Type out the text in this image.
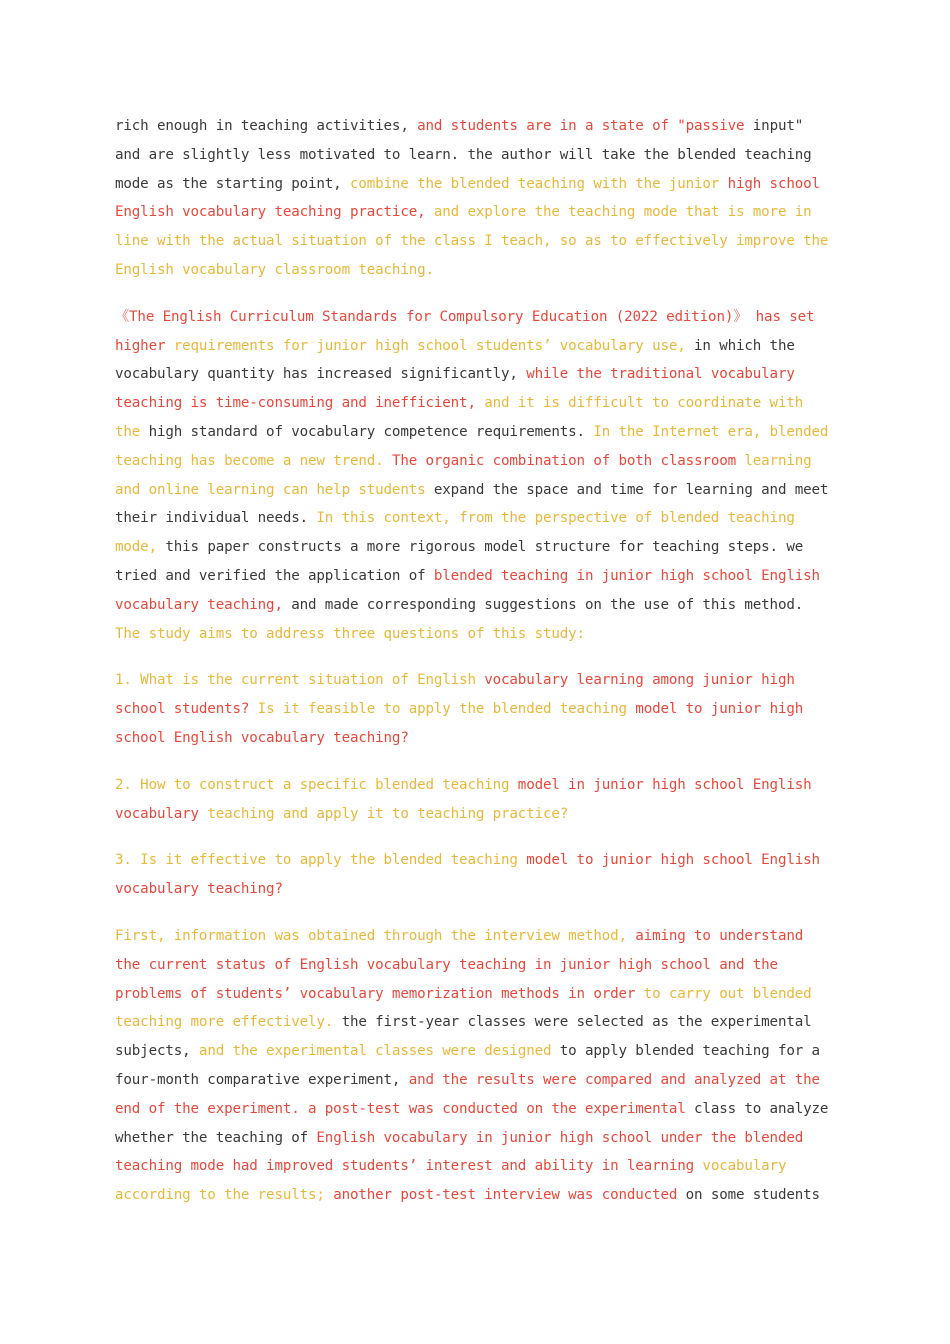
rich enough in teaching activities, and students are in a state of "passive input" and are slightly less motivated to learn. the author will take the blended teaching mode as the starting point, combine the blended teaching with the junior high school English vocabulary teaching practice, and explore the teaching mode that is more in line with the actual situation of the class I teach, so as to effectively improve the English vocabulary classroom teaching.

《The English Curriculum Standards for Compulsory Education (2022 edition)》 has set higher requirements for junior high school students’ vocabulary use, in which the vocabulary quantity has increased significantly, while the traditional vocabulary teaching is time-consuming and inefficient, and it is difficult to coordinate with the high standard of vocabulary competence requirements. In the Internet era, blended teaching has become a new trend. The organic combination of both classroom learning and online learning can help students expand the space and time for learning and meet their individual needs. In this context, from the perspective of blended teaching mode, this paper constructs a more rigorous model structure for teaching steps. we tried and verified the application of blended teaching in junior high school English vocabulary teaching, and made corresponding suggestions on the use of this method. The study aims to address three questions of this study:

1. What is the current situation of English vocabulary learning among junior high school students? Is it feasible to apply the blended teaching model to junior high school English vocabulary teaching?

2. How to construct a specific blended teaching model in junior high school English vocabulary teaching and apply it to teaching practice?

3. Is it effective to apply the blended teaching model to junior high school English vocabulary teaching?

First, information was obtained through the interview method, aiming to understand the current status of English vocabulary teaching in junior high school and the problems of students’ vocabulary memorization methods in order to carry out blended teaching more effectively. the first-year classes were selected as the experimental subjects, and the experimental classes were designed to apply blended teaching for a four-month comparative experiment, and the results were compared and analyzed at the end of the experiment. a post-test was conducted on the experimental class to analyze whether the teaching of English vocabulary in junior high school under the blended teaching mode had improved students’ interest and ability in learning vocabulary according to the results; another post-test interview was conducted on some students
